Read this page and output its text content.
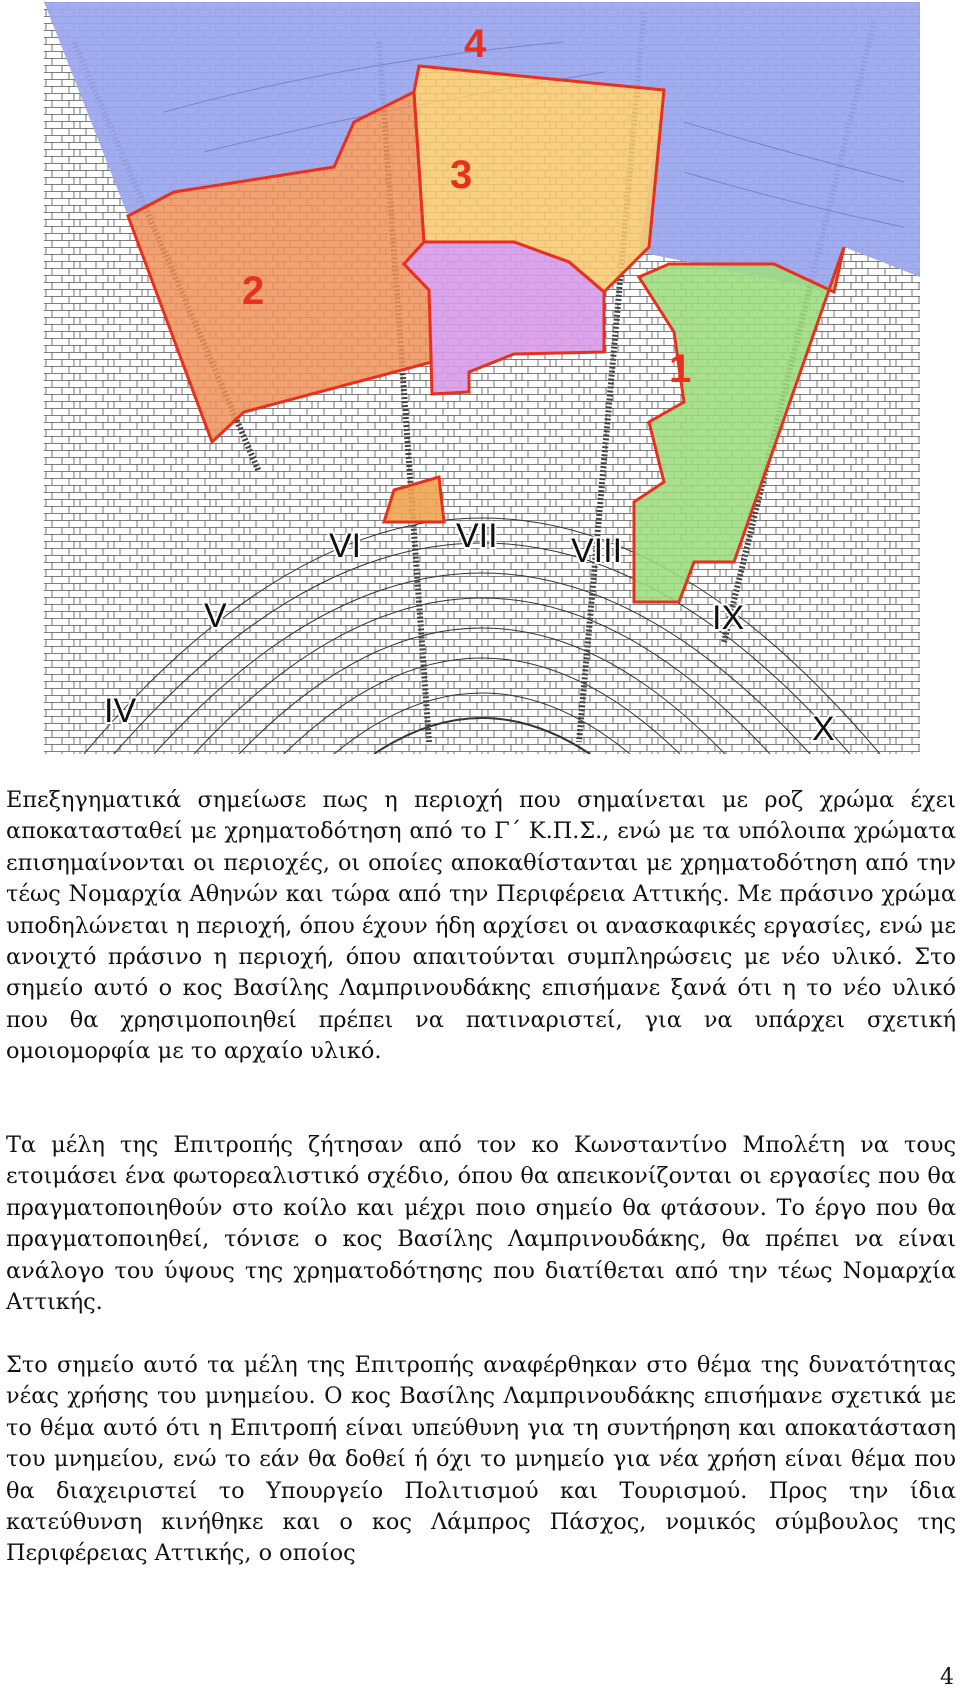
1
2
3
4
IV
V
VI	VII VIII
IX
X

Επεξηγηματικά σημείωσε πως η περιοχή που σημαίνεται με ροζ χρώμα έχει αποκατασταθεί με χρηματοδότηση από το Γ΄ Κ.Π.Σ., ενώ με τα υπόλοιπα χρώματα επισημαίνονται οι περιοχές, οι οποίες αποκαθίστανται με χρηματοδότηση από την τέως Νομαρχία Αθηνών και τώρα από την Περιφέρεια Αττικής. Με πράσινο χρώμα υποδηλώνεται η περιοχή, όπου έχουν ήδη αρχίσει οι ανασκαφικές εργασίες, ενώ με ανοιχτό πράσινο η περιοχή, όπου απαιτούνται συμπληρώσεις με νέο υλικό. Στο σημείο αυτό ο κος Βασίλης Λαμπρινουδάκης επισήμανε ξανά ότι η το νέο υλικό που θα χρησιμοποιηθεί πρέπει να πατιναριστεί, για να υπάρχει σχετική ομοιομορφία με το αρχαίο υλικό.

Τα μέλη της Επιτροπής ζήτησαν από τον κο Κωνσταντίνο Μπολέτη να τους ετοιμάσει ένα φωτορεαλιστικό σχέδιο, όπου θα απεικονίζονται οι εργασίες που θα πραγματοποιηθούν στο κοίλο και μέχρι ποιο σημείο θα φτάσουν. Το έργο που θα πραγματοποιηθεί, τόνισε ο κος Βασίλης Λαμπρινουδάκης, θα πρέπει να είναι ανάλογο του ύψους της χρηματοδότησης που διατίθεται από την τέως Νομαρχία Αττικής.

Στο σημείο αυτό τα μέλη της Επιτροπής αναφέρθηκαν στο θέμα της δυνατότητας νέας χρήσης του μνημείου. Ο κος Βασίλης Λαμπρινουδάκης επισήμανε σχετικά με το θέμα αυτό ότι η Επιτροπή είναι υπεύθυνη για τη συντήρηση και αποκατάσταση του μνημείου, ενώ το εάν θα δοθεί ή όχι το μνημείο για νέα χρήση είναι θέμα που θα διαχειριστεί το Υπουργείο Πολιτισμού και Τουρισμού. Προς την ίδια κατεύθυνση κινήθηκε και ο κος Λάμπρος Πάσχος, νομικός σύμβουλος της Περιφέρειας Αττικής, ο οποίος

4
